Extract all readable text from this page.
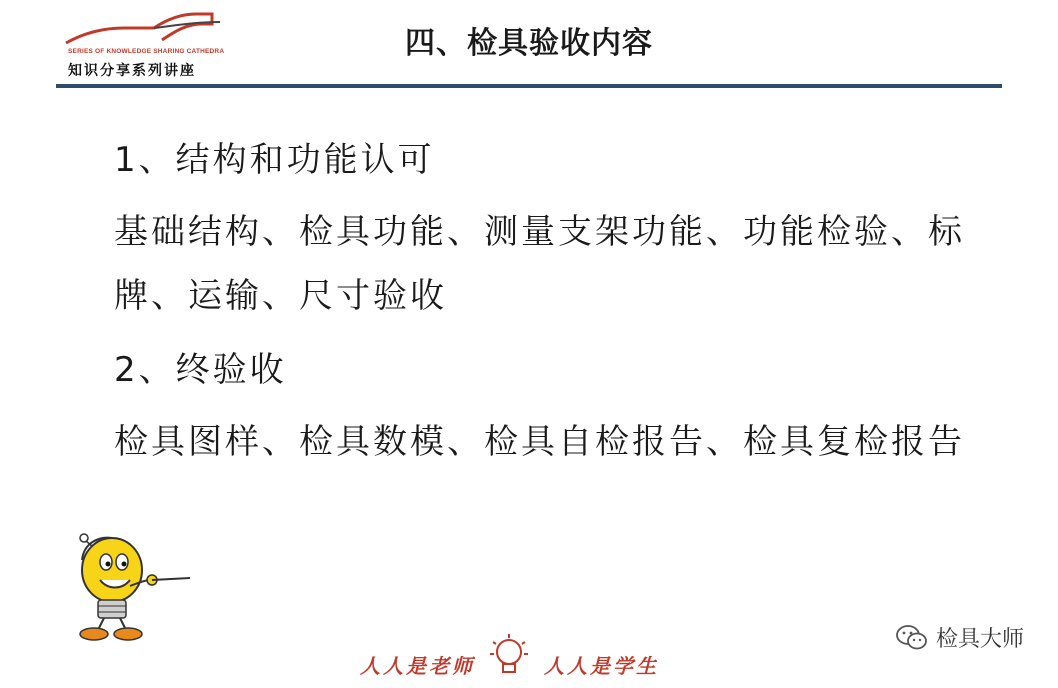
SERIES OF KNOWLEDGE SHARING CATHEDRA
知识分享系列讲座
四、检具验收内容

1、结构和功能认可

基础结构、检具功能、测量支架功能、功能检验、标

牌、运输、尺寸验收

2、终验收

检具图样、检具数模、检具自检报告、检具复检报告

人人是老师	人人是学生
检具大师
